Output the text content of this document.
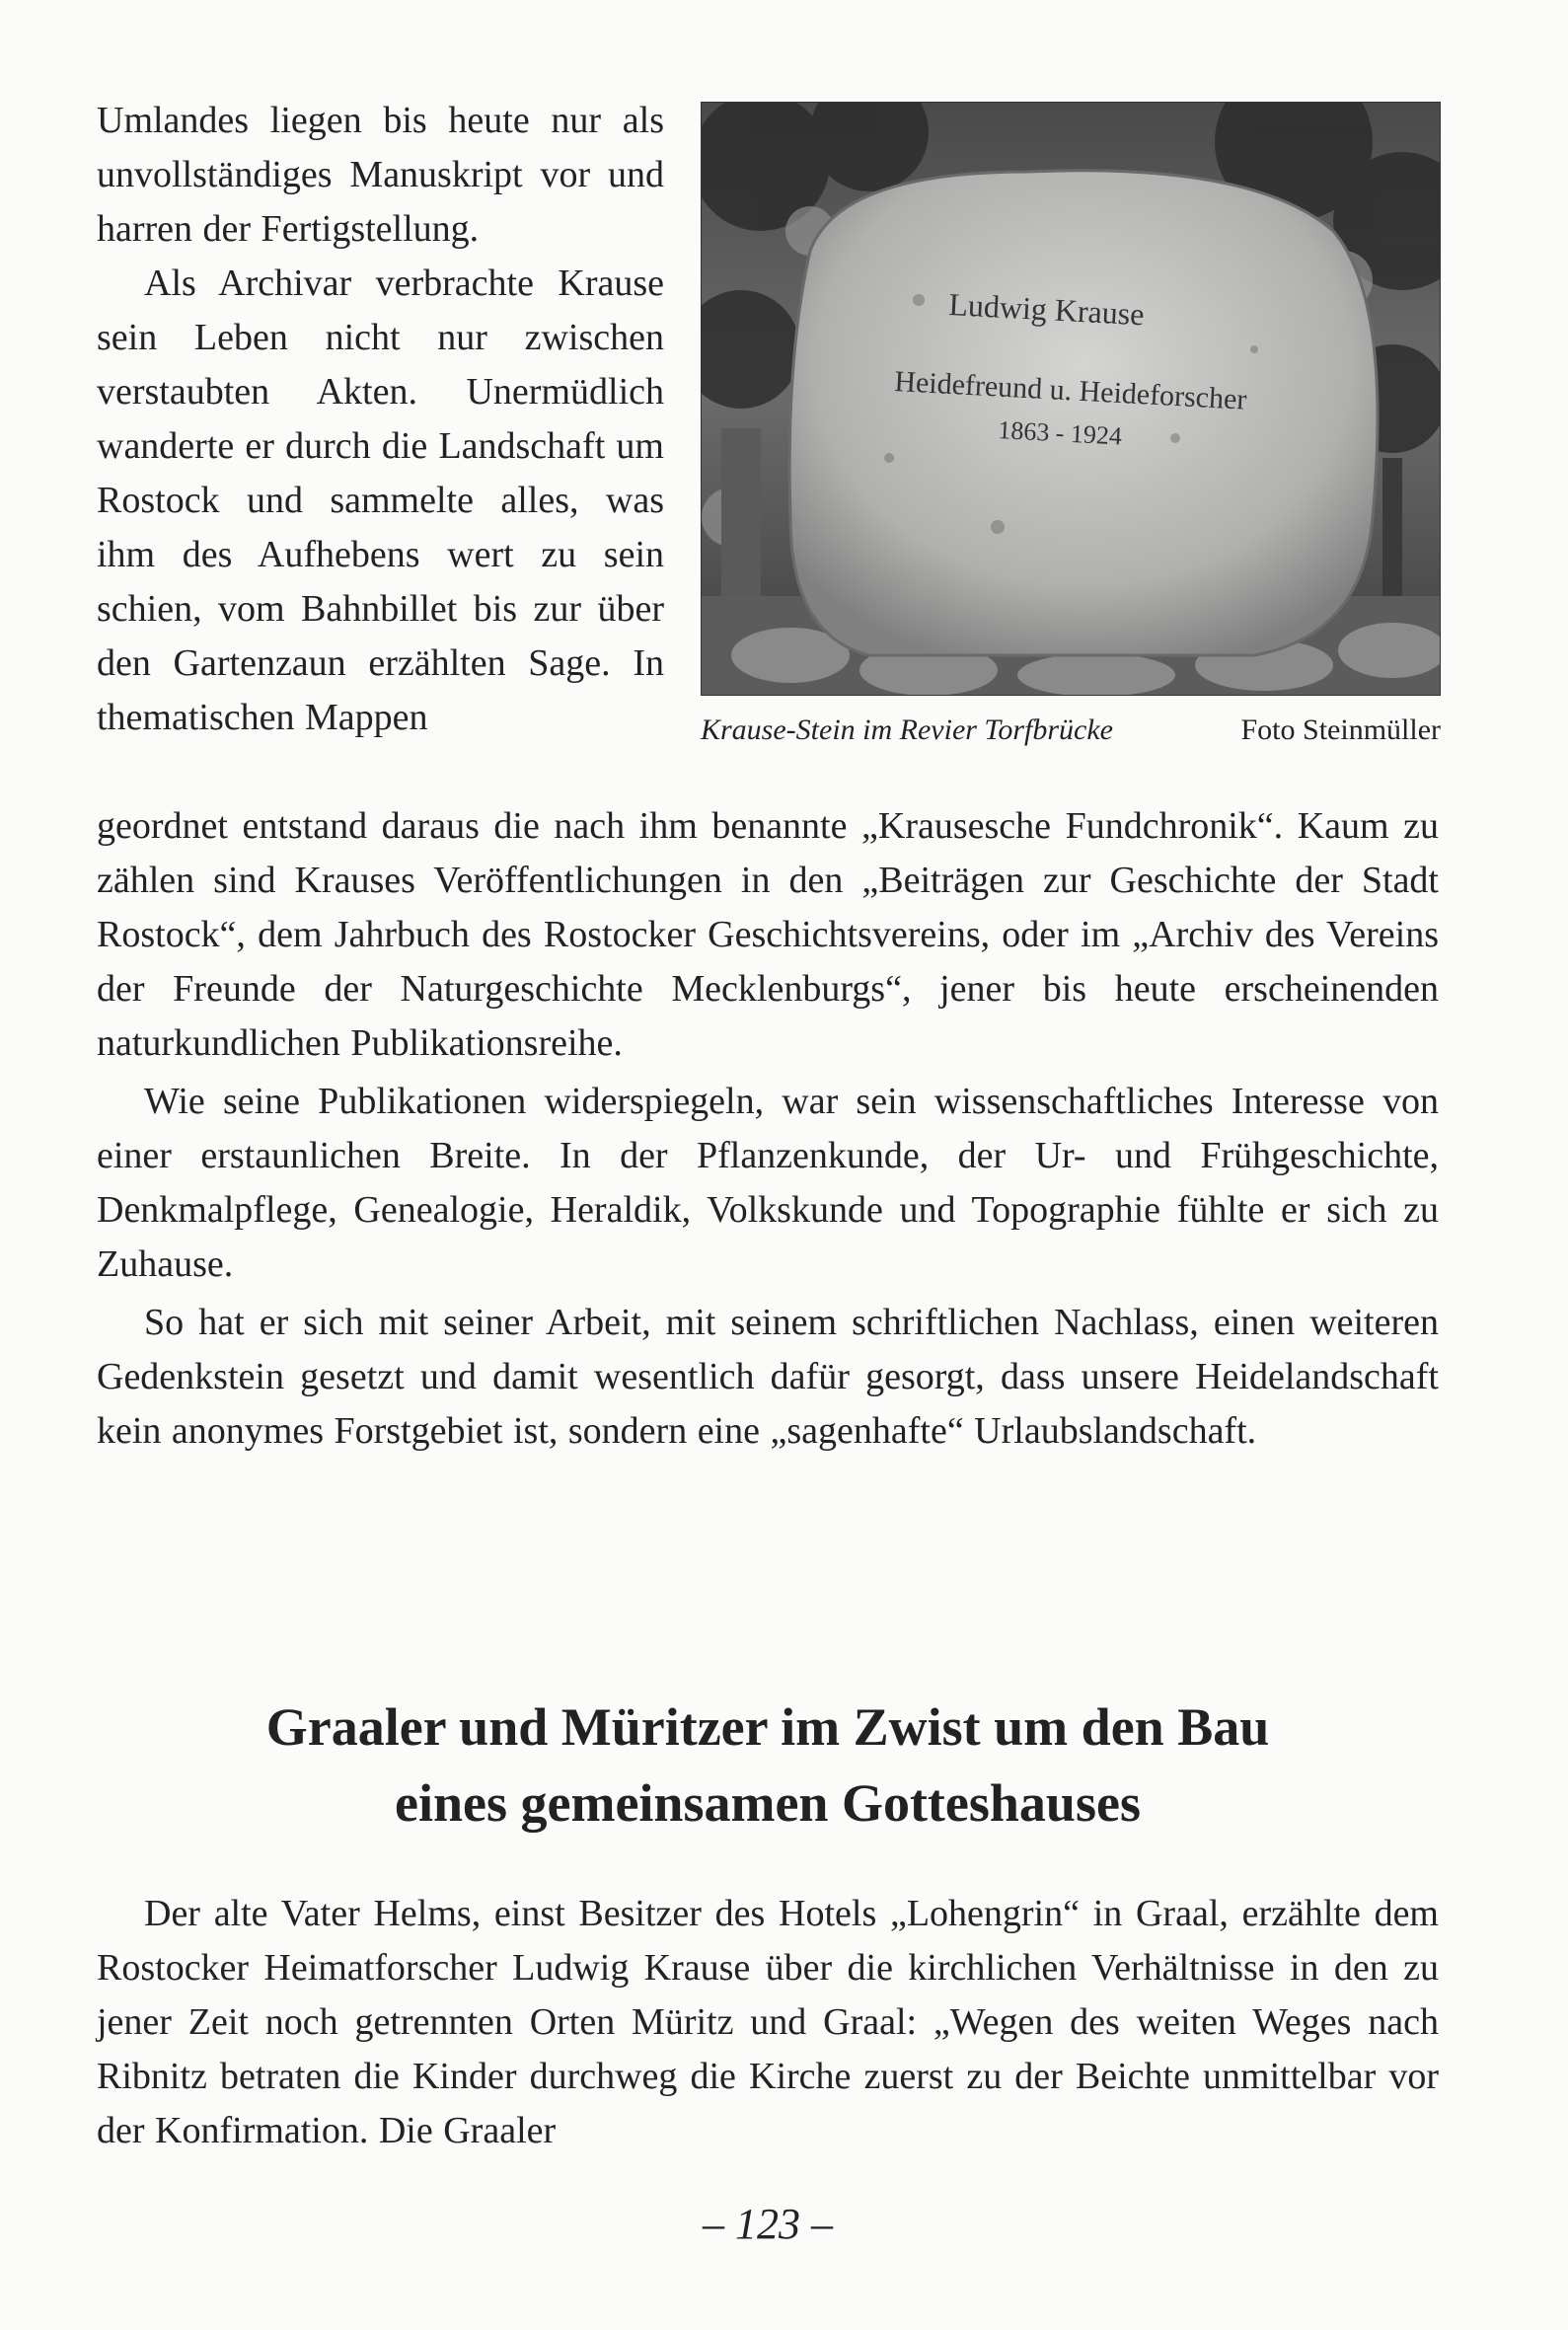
Umlandes liegen bis heute nur als unvollständiges Manuskript vor und harren der Fertigstellung.

Als Archivar verbrachte Krause sein Leben nicht nur zwischen verstaubten Akten. Unermüdlich wanderte er durch die Landschaft um Rostock und sammelte alles, was ihm des Aufhebens wert zu sein schien, vom Bahnbillet bis zur über den Gartenzaun erzählten Sage. In thematischen Mappen

Ludwig Krause
Heidefreund u. Heideforscher
1863 - 1924
Krause-Stein im Revier Torfbrücke	Foto Steinmüller

geordnet entstand daraus die nach ihm benannte „Krausesche Fundchronik“. Kaum zu zählen sind Krauses Veröffentlichungen in den „Beiträgen zur Geschichte der Stadt Rostock“, dem Jahrbuch des Rostocker Geschichtsvereins, oder im „Archiv des Vereins der Freunde der Naturgeschichte Mecklenburgs“, jener bis heute erscheinenden naturkundlichen Publikationsreihe.

Wie seine Publikationen widerspiegeln, war sein wissenschaftliches Interesse von einer erstaunlichen Breite. In der Pflanzenkunde, der Ur- und Frühgeschichte, Denkmalpflege, Genealogie, Heraldik, Volkskunde und Topographie fühlte er sich zu Zuhause.

So hat er sich mit seiner Arbeit, mit seinem schriftlichen Nachlass, einen weiteren Gedenkstein gesetzt und damit wesentlich dafür gesorgt, dass unsere Heidelandschaft kein anonymes Forstgebiet ist, sondern eine „sagenhafte“ Urlaubslandschaft.

Graaler und Müritzer im Zwist um den Bau
eines gemeinsamen Gotteshauses

Der alte Vater Helms, einst Besitzer des Hotels „Lohengrin“ in Graal, erzählte dem Rostocker Heimatforscher Ludwig Krause über die kirchlichen Verhältnisse in den zu jener Zeit noch getrennten Orten Müritz und Graal: „Wegen des weiten Weges nach Ribnitz betraten die Kinder durchweg die Kirche zuerst zu der Beichte unmittelbar vor der Konfirmation. Die Graaler

– 123 –
